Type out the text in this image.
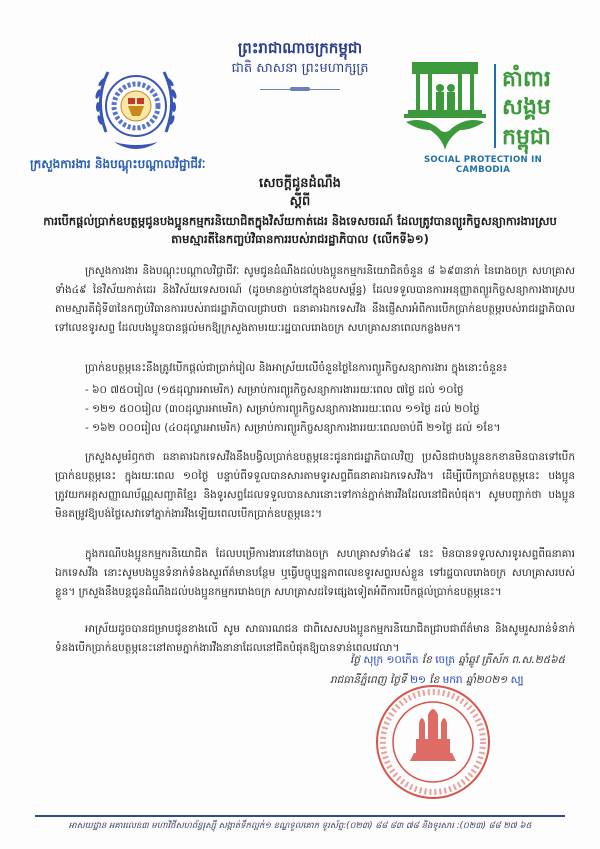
ព្រះរាជាណាចក្រកម្ពុជា
ជាតិ សាសនា ព្រះមហាក្សត្រ	គាំពារ
សង្គម
កម្ពុជា
SOCIAL PROTECTION IN CAMBODIA
ក្រសួងការងារ និងបណ្តុះបណ្តាលវិជ្ជាជីវៈ
សេចក្តីជូនដំណឹង
ស្តីពី
ការបើកផ្តល់ប្រាក់ឧបត្ថម្ភជូនបងប្អូនកម្មករនិយោជិតក្នុងវិស័យកាត់ដេរ និងទេសចរណ៍ ដែលត្រូវបានព្យួរកិច្ចសន្យាការងារស្របតាមស្មារតីនៃកញ្ចប់វិធានការរបស់រាជរដ្ឋាភិបាល (លើកទី៦១)

ក្រសួងការងារ និងបណ្តុះបណ្តាលវិជ្ជាជីវៈ សូមជូនដំណឹងដល់បងប្អូនកម្មករនិយោជិតចំនួន ៨ ៦៩៣នាក់ នៃរោងចក្រ សហគ្រាសទាំង៤៩ នៃវិស័យកាត់ដេរ និងវិស័យទេសចរណ៍ (ដូចមានភ្ជាប់នៅក្នុងឧបសម្ព័ន្ធ) ដែលទទួលបានការអនុញ្ញាតព្យួរកិច្ចសន្យាការងារស្របតាមស្មារតីជុំទី៣នៃកញ្ចប់វិធានការរបស់រាជរដ្ឋាភិបាលជ្រាបថា ធនាគារឯកទេសវីង នឹងផ្ញើសារអំពីការបើកប្រាក់ឧបត្ថម្ភរបស់រាជរដ្ឋាភិបាលទៅលេខទូរសព្ទ ដែលបងប្អូនបានផ្តល់មកឱ្យក្រសួងតាមរយៈរដ្ឋបាលរោងចក្រ សហគ្រាសនាពេលកន្លងមក។

ប្រាក់ឧបត្ថម្ភនេះនឹងត្រូវបើកផ្តល់ជាប្រាក់រៀល និងអាស្រ័យលើចំនួនថ្ងៃនៃការព្យួរកិច្ចសន្យាការងារ ក្នុងនោះចំនួន៖

- ៦០ ៧៥០រៀល (១៥ដុល្លារអាមេរិក) សម្រាប់ការព្យួរកិច្ចសន្យាការងាររយៈពេល ៧ថ្ងៃ ដល់ ១០ថ្ងៃ
- ១២១ ៥០០រៀល (៣០ដុល្លារអាមេរិក) សម្រាប់ការព្យួរកិច្ចសន្យាការងាររយៈពេល ១១ថ្ងៃ ដល់ ២០ថ្ងៃ
- ១៦២ ០០០រៀល (៤០ដុល្លារអាមេរិក) សម្រាប់ការព្យួរកិច្ចសន្យាការងាររយៈពេលចាប់ពី ២១ថ្ងៃ ដល់ ១ខែ។

ក្រសួងសូមរំឭកថា ធនាគារឯកទេសវីងនឹងបង្វិលប្រាក់ឧបត្ថម្ភនេះជូនរាជរដ្ឋាភិបាលវិញ ប្រសិនជាបងប្អូនខកខានមិនបានទៅបើកប្រាក់ឧបត្ថម្ភនេះ ក្នុងរយៈពេល ១០ថ្ងៃ បន្ទាប់ពីទទួលបានសារតាមទូរសព្ទពីធនាគារឯកទេសវីង។ ដើម្បីបើកប្រាក់ឧបត្ថម្ភនេះ បងប្អូនត្រូវយកអត្តសញ្ញាណប័ណ្ណសញ្ជាតិខ្មែរ និងទូរសព្ទដែលទទួលបានសារនោះទៅកាន់ភ្នាក់ងារវីងដែលនៅជិតបំផុត។ សូមបញ្ជាក់ថា បងប្អូនមិនតម្រូវឱ្យបង់ថ្លៃសេវាទៅភ្នាក់ងារវីងឡើយពេលបើកប្រាក់ឧបត្ថម្ភនេះ។

ក្នុងករណីបងប្អូនកម្មករនិយោជិត ដែលបម្រើការងារនៅរោងចក្រ សហគ្រាសទាំង៤៩ នេះ មិនបានទទួលសារទូរសព្ទពីធនាគារឯកទេសវីង នោះសូមបងប្អូនទំនាក់ទំនងសួរព័ត៌មានបន្ថែម ឬធ្វើបច្ចុប្បន្នភាពលេខទូរសព្ទរបស់ខ្លួន ទៅរដ្ឋបាលរោងចក្រ សហគ្រាសរបស់ខ្លួន។ ក្រសួងនឹងបន្តជូនដំណឹងដល់បងប្អូនកម្មកររោងចក្រ សហគ្រាសដទៃផ្សេងទៀតអំពីការបើកផ្តល់ប្រាក់ឧបត្ថម្ភនេះ។

អាស្រ័យដូចបានជម្រាបជូនខាងលើ សូម សាធារណជន ជាពិសេសបងប្អូនកម្មករនិយោជិតជ្រាបជាព័ត៌មាន និងសូមរួសរាន់ទំនាក់ទំនងបើកប្រាក់ឧបត្ថម្ភនេះនៅតាមភ្នាក់ងារវីងនានាដែលនៅជិតបំផុតឱ្យបានទាន់ពេលវេលា។

ថ្ងៃ សុក្រ ១០កើត ខែ ចេត្រ ឆ្នាំឆ្លូវ ត្រីស័ក ព.ស.២៥៦៥
រាជធានីភ្នំពេញ ថ្ងៃទី ២១ ខែ មករា ឆ្នាំ២០២១ ស្ប
អាសយដ្ឋាន អគារលេខ៣ មហាវិថីសហព័ន្ធរុស្ស៊ី សង្កាត់ទឹកល្អក់១ ខណ្ឌទួលគោក ទូរស័ព្ទ:(០២៣) ៨៨ ៨៣ ៧៨ និងទូរសារ :(០២៣) ៨៨ ២៧ ៦៥
